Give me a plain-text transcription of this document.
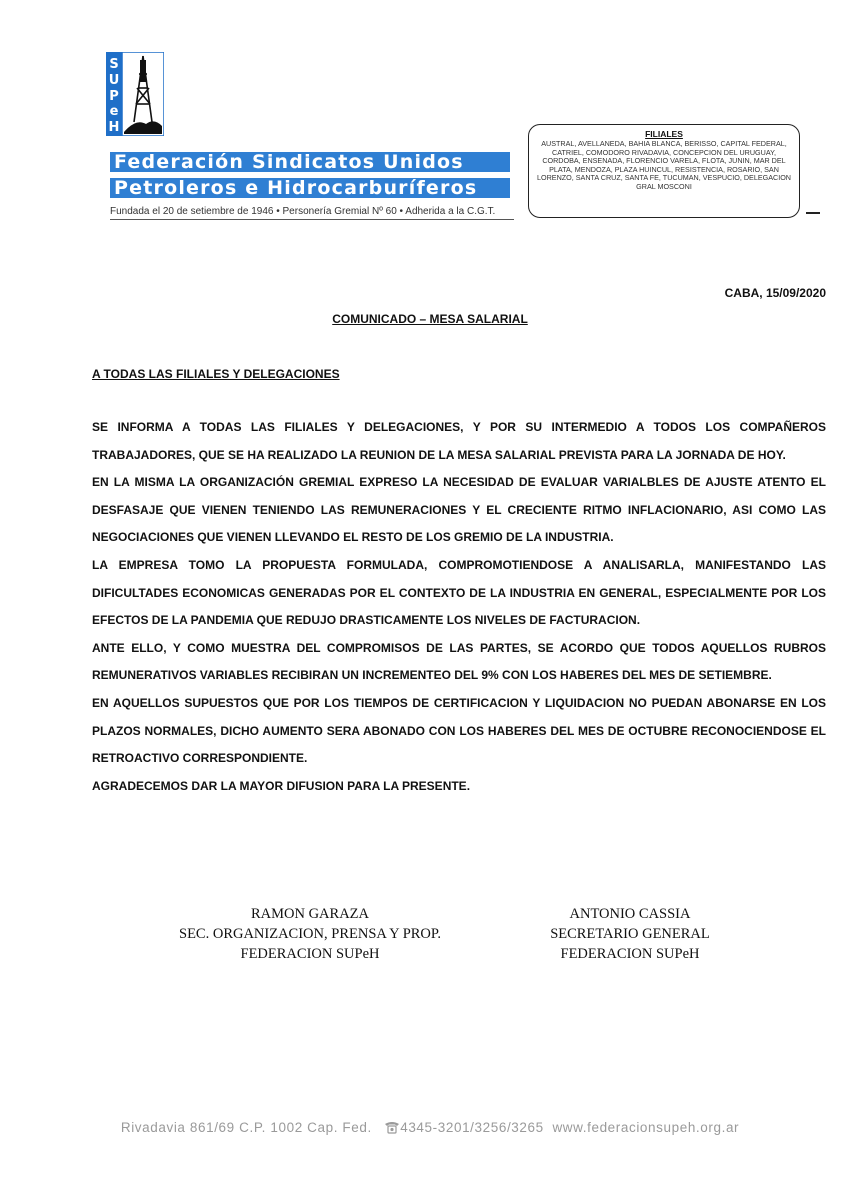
S
U
P
e
H
Federación Sindicatos Unidos
Petroleros e Hidrocarburíferos
Fundada el 20 de setiembre de 1946 • Personería Gremial Nº 60 • Adherida a la C.G.T.
FILIALES
AUSTRAL, AVELLANEDA, BAHIA BLANCA, BERISSO, CAPITAL FEDERAL, CATRIEL, COMODORO RIVADAVIA, CONCEPCION DEL URUGUAY, CORDOBA, ENSENADA, FLORENCIO VARELA, FLOTA, JUNIN, MAR DEL PLATA, MENDOZA, PLAZA HUINCUL, RESISTENCIA, ROSARIO, SAN LORENZO, SANTA CRUZ, SANTA FE, TUCUMAN, VESPUCIO, DELEGACION GRAL MOSCONI
CABA, 15/09/2020
COMUNICADO – MESA SALARIAL
A TODAS LAS FILIALES Y DELEGACIONES

SE INFORMA A TODAS LAS FILIALES Y DELEGACIONES, Y POR SU INTERMEDIO A TODOS LOS COMPAÑEROS TRABAJADORES, QUE SE HA REALIZADO LA REUNION DE LA MESA SALARIAL PREVISTA PARA LA JORNADA DE HOY.

EN LA MISMA LA ORGANIZACIÓN GREMIAL EXPRESO LA NECESIDAD DE EVALUAR VARIALBLES DE AJUSTE ATENTO EL DESFASAJE QUE VIENEN TENIENDO LAS REMUNERACIONES Y EL CRECIENTE RITMO INFLACIONARIO, ASI COMO LAS NEGOCIACIONES QUE VIENEN LLEVANDO EL RESTO DE LOS GREMIO DE LA INDUSTRIA.

LA EMPRESA TOMO LA PROPUESTA FORMULADA, COMPROMOTIENDOSE A ANALISARLA, MANIFESTANDO LAS DIFICULTADES ECONOMICAS GENERADAS POR EL CONTEXTO DE LA INDUSTRIA EN GENERAL, ESPECIALMENTE POR LOS EFECTOS DE LA PANDEMIA QUE REDUJO DRASTICAMENTE LOS NIVELES DE FACTURACION.

ANTE ELLO, Y COMO MUESTRA DEL COMPROMISOS DE LAS PARTES, SE ACORDO QUE TODOS AQUELLOS RUBROS REMUNERATIVOS VARIABLES RECIBIRAN UN INCREMENTEO DEL 9% CON LOS HABERES DEL MES DE SETIEMBRE.

EN AQUELLOS SUPUESTOS QUE POR LOS TIEMPOS DE CERTIFICACION Y LIQUIDACION NO PUEDAN ABONARSE EN LOS PLAZOS NORMALES, DICHO AUMENTO SERA ABONADO CON LOS HABERES DEL MES DE OCTUBRE RECONOCIENDOSE EL RETROACTIVO CORRESPONDIENTE.

AGRADECEMOS DAR LA MAYOR DIFUSION PARA LA PRESENTE.

RAMON GARAZA
SEC. ORGANIZACION, PRENSA Y PROP.
FEDERACION SUPeH
ANTONIO CASSIA
SECRETARIO GENERAL
FEDERACION SUPeH
Rivadavia 861/69 C.P. 1002 Cap. Fed. 4345-3201/3256/3265 www.federacionsupeh.org.ar
